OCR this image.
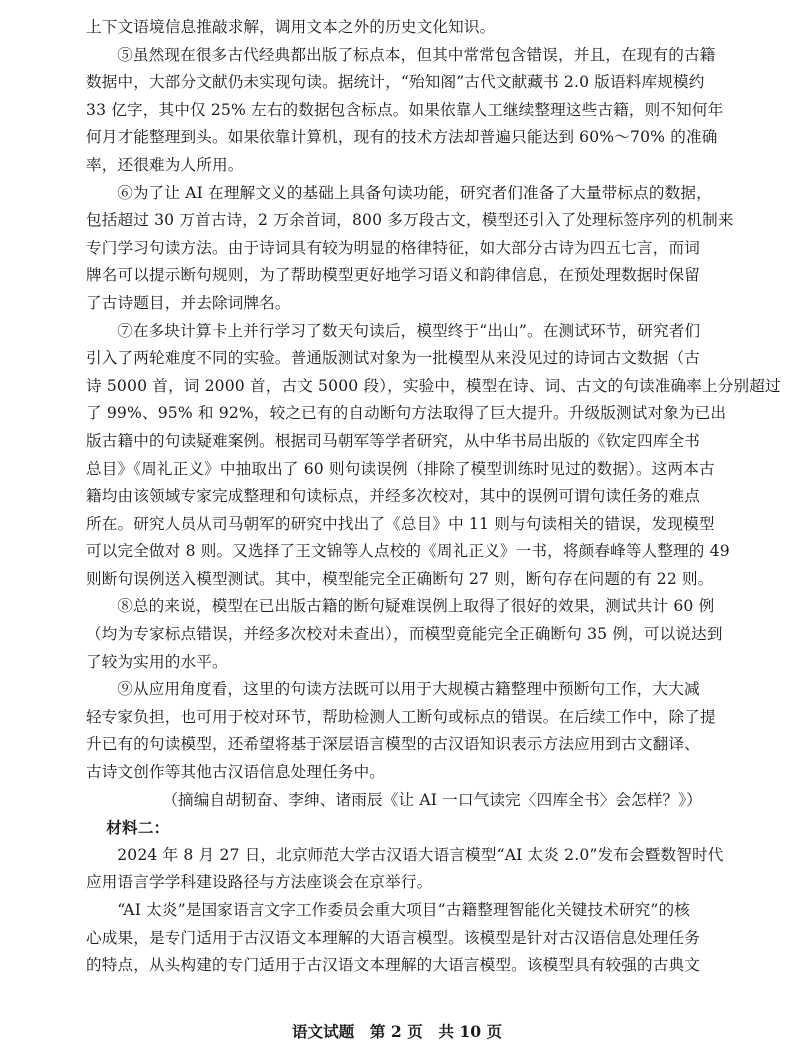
上下文语境信息推敲求解，调用文本之外的历史文化知识。

⑤虽然现在很多古代经典都出版了标点本，但其中常常包含错误，并且，在现有的古籍

数据中，大部分文献仍未实现句读。据统计，“殆知阁”古代文献藏书 2.0 版语料库规模约

33 亿字，其中仅 25% 左右的数据包含标点。如果依靠人工继续整理这些古籍，则不知何年

何月才能整理到头。如果依靠计算机，现有的技术方法却普遍只能达到 60%～70% 的准确

率，还很难为人所用。

⑥为了让 AI 在理解文义的基础上具备句读功能，研究者们准备了大量带标点的数据，

包括超过 30 万首古诗，2 万余首词，800 多万段古文，模型还引入了处理标签序列的机制来

专门学习句读方法。由于诗词具有较为明显的格律特征，如大部分古诗为四五七言，而词

牌名可以提示断句规则，为了帮助模型更好地学习语义和韵律信息，在预处理数据时保留

了古诗题目，并去除词牌名。

⑦在多块计算卡上并行学习了数天句读后，模型终于“出山”。在测试环节，研究者们

引入了两轮难度不同的实验。普通版测试对象为一批模型从来没见过的诗词古文数据（古

诗 5000 首，词 2000 首，古文 5000 段），实验中，模型在诗、词、古文的句读准确率上分别超过

了 99%、95% 和 92%，较之已有的自动断句方法取得了巨大提升。升级版测试对象为已出

版古籍中的句读疑难案例。根据司马朝军等学者研究，从中华书局出版的《钦定四库全书

总目》《周礼正义》中抽取出了 60 则句读误例（排除了模型训练时见过的数据）。这两本古

籍均由该领域专家完成整理和句读标点，并经多次校对，其中的误例可谓句读任务的难点

所在。研究人员从司马朝军的研究中找出了《总目》中 11 则与句读相关的错误，发现模型

可以完全做对 8 则。又选择了王文锦等人点校的《周礼正义》一书，将颜春峰等人整理的 49

则断句误例送入模型测试。其中，模型能完全正确断句 27 则，断句存在问题的有 22 则。

⑧总的来说，模型在已出版古籍的断句疑难误例上取得了很好的效果，测试共计 60 例

（均为专家标点错误，并经多次校对未查出），而模型竟能完全正确断句 35 例，可以说达到

了较为实用的水平。

⑨从应用角度看，这里的句读方法既可以用于大规模古籍整理中预断句工作，大大减

轻专家负担，也可用于校对环节，帮助检测人工断句或标点的错误。在后续工作中，除了提

升已有的句读模型，还希望将基于深层语言模型的古汉语知识表示方法应用到古文翻译、

古诗文创作等其他古汉语信息处理任务中。

（摘编自胡韧奋、李绅、诸雨辰《让 AI 一口气读完〈四库全书〉会怎样？》）

材料二：

2024 年 8 月 27 日，北京师范大学古汉语大语言模型“AI 太炎 2.0”发布会暨数智时代

应用语言学学科建设路径与方法座谈会在京举行。

“AI 太炎”是国家语言文字工作委员会重大项目“古籍整理智能化关键技术研究”的核

心成果，是专门适用于古汉语文本理解的大语言模型。该模型是针对古汉语信息处理任务

的特点，从头构建的专门适用于古汉语文本理解的大语言模型。该模型具有较强的古典文

语文试题　第 2 页　共 10 页
